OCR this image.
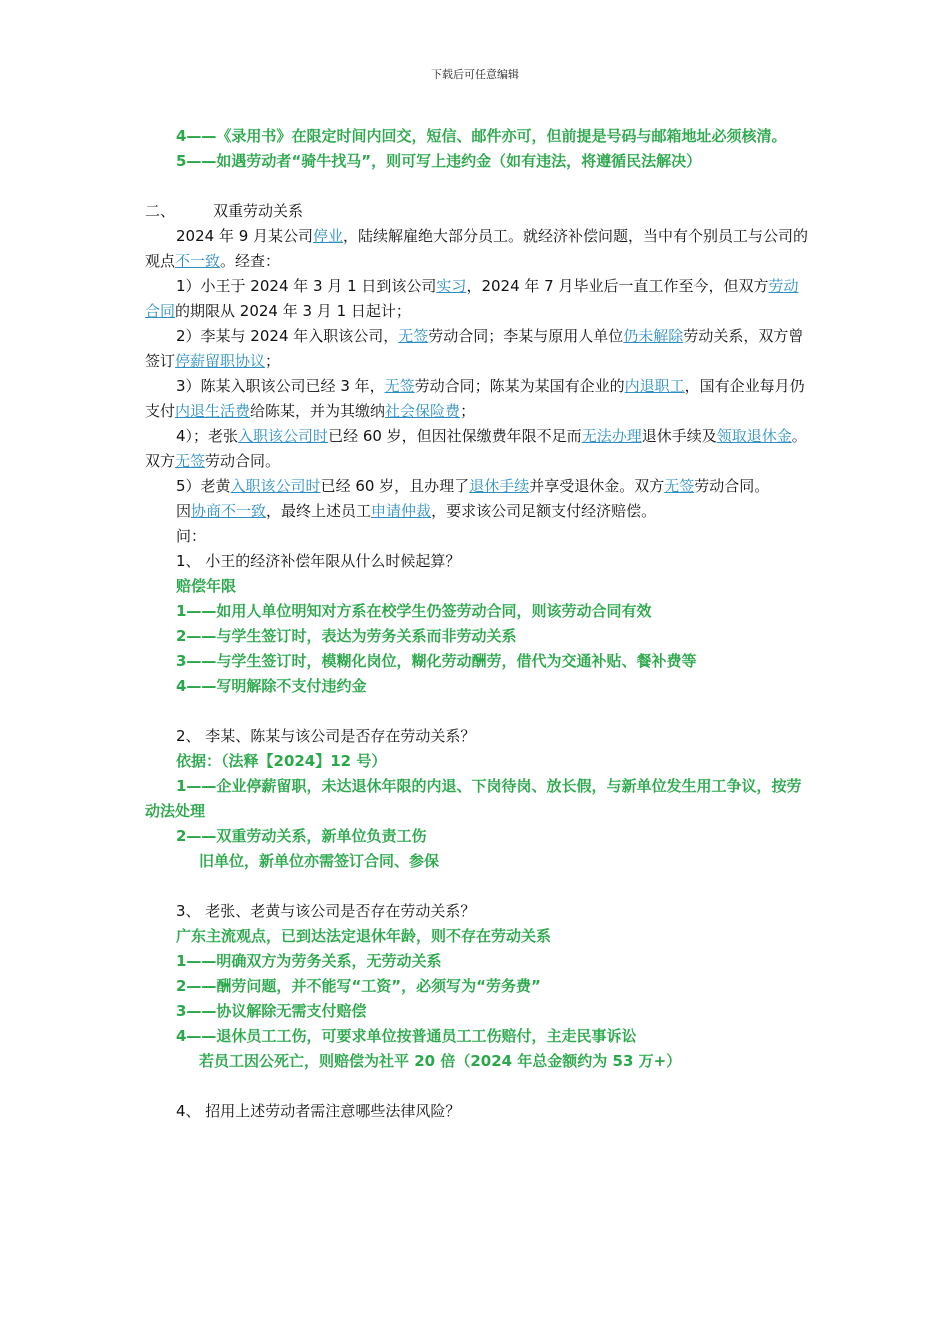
下载后可任意编辑

4——《录用书》在限定时间内回交，短信、邮件亦可，但前提是号码与邮箱地址必须核清。

5——如遇劳动者“骑牛找马”，则可写上违约金（如有违法，将遵循民法解决）

二、	双重劳动关系

2024 年 9 月某公司停业，陆续解雇绝大部分员工。就经济补偿问题，当中有个别员工与公司的观点不一致。经查：

1）小王于 2024 年 3 月 1 日到该公司实习，2024 年 7 月毕业后一直工作至今，但双方劳动合同的期限从 2024 年 3 月 1 日起计；

2）李某与 2024 年入职该公司，无签劳动合同；李某与原用人单位仍未解除劳动关系，双方曾签订停薪留职协议；

3）陈某入职该公司已经 3 年，无签劳动合同；陈某为某国有企业的内退职工，国有企业每月仍支付内退生活费给陈某，并为其缴纳社会保险费；

4）；老张入职该公司时已经 60 岁，但因社保缴费年限不足而无法办理退休手续及领取退休金。双方无签劳动合同。

5）老黄入职该公司时已经 60 岁，且办理了退休手续并享受退休金。双方无签劳动合同。

因协商不一致，最终上述员工申请仲裁，要求该公司足额支付经济赔偿。

问：

1、 小王的经济补偿年限从什么时候起算？

赔偿年限

1——如用人单位明知对方系在校学生仍签劳动合同，则该劳动合同有效

2——与学生签订时，表达为劳务关系而非劳动关系

3——与学生签订时，模糊化岗位，糊化劳动酬劳，借代为交通补贴、餐补费等

4——写明解除不支付违约金

2、 李某、陈某与该公司是否存在劳动关系？

依据：（法释【2024】12 号）

1——企业停薪留职，未达退休年限的内退、下岗待岗、放长假，与新单位发生用工争议，按劳动法处理

2——双重劳动关系，新单位负责工伤

旧单位，新单位亦需签订合同、参保

3、 老张、老黄与该公司是否存在劳动关系？

广东主流观点，已到达法定退休年龄，则不存在劳动关系

1——明确双方为劳务关系，无劳动关系

2——酬劳问题，并不能写“工资”，必须写为“劳务费”

3——协议解除无需支付赔偿

4——退休员工工伤，可要求单位按普通员工工伤赔付，主走民事诉讼

若员工因公死亡，则赔偿为社平 20 倍（2024 年总金额约为 53 万+）

4、 招用上述劳动者需注意哪些法律风险？
